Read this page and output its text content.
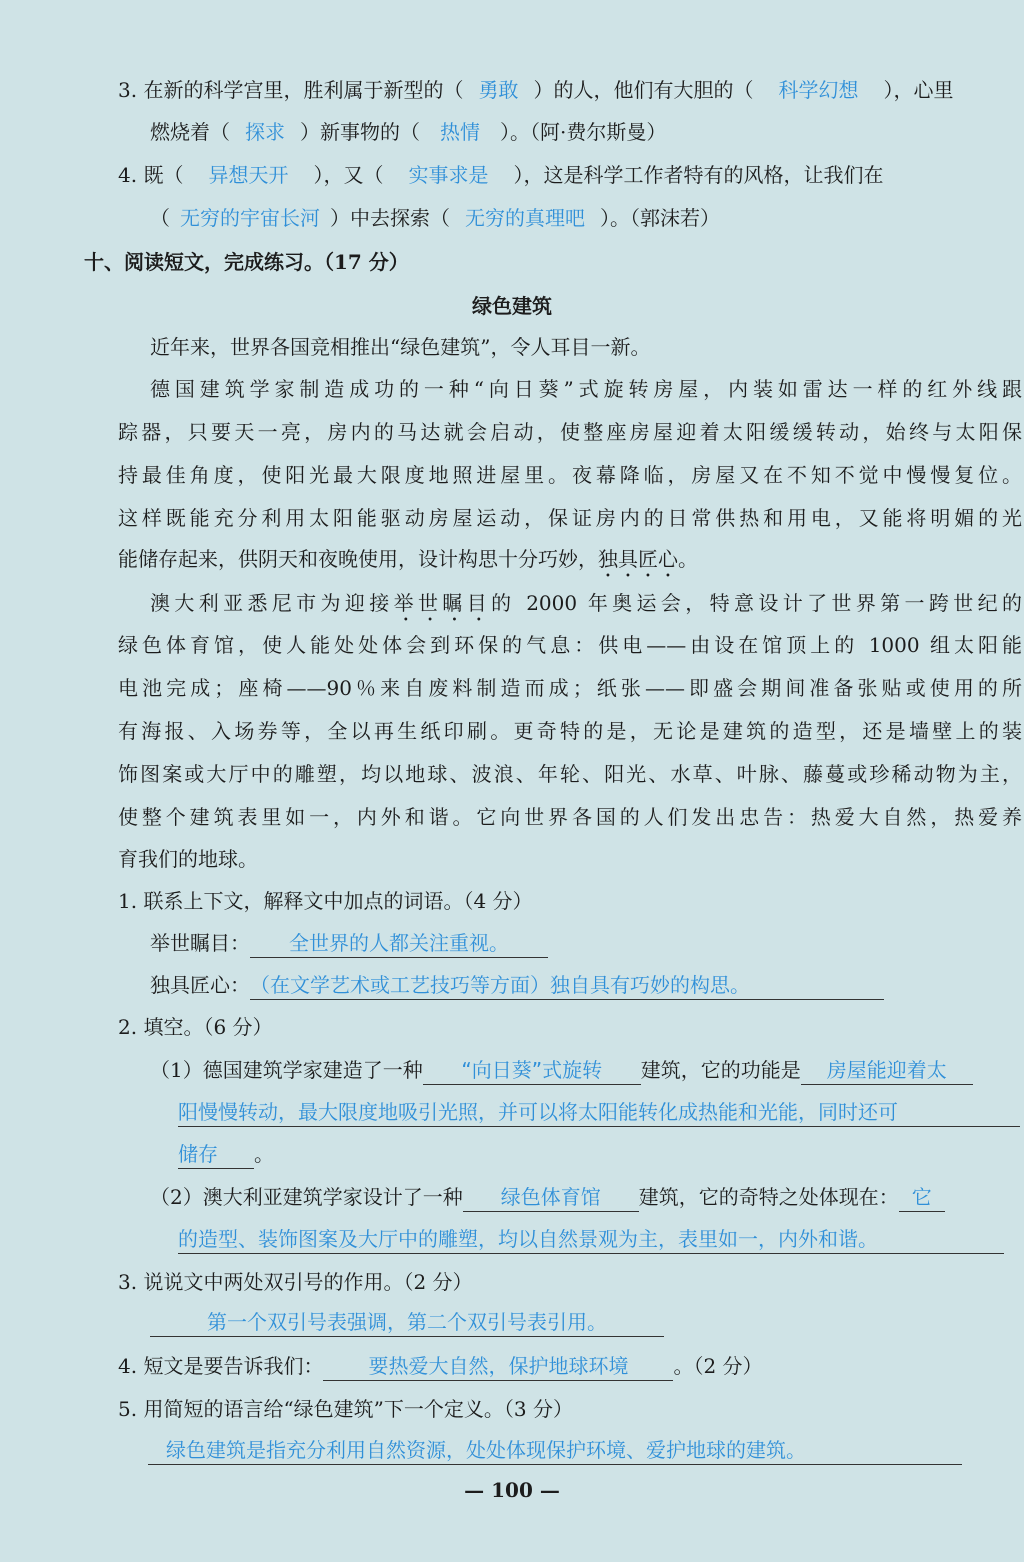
3. 在新的科学宫里，胜利属于新型的（ 勇敢 ）的人，他们有大胆的（ 科学幻想 ），心里
燃烧着（ 探求 ）新事物的（ 热情 ）。（阿·费尔斯曼）
4. 既（ 异想天开 ），又（ 实事求是 ），这是科学工作者特有的风格，让我们在
（ 无穷的宇宙长河 ）中去探索（ 无穷的真理吧 ）。（郭沫若）
十、阅读短文，完成练习。（17 分）
绿色建筑
近年来，世界各国竞相推出“绿色建筑”，令人耳目一新。
德国建筑学家制造成功的一种“向日葵”式旋转房屋，内装如雷达一样的红外线跟
踪器，只要天一亮，房内的马达就会启动，使整座房屋迎着太阳缓缓转动，始终与太阳保
持最佳角度，使阳光最大限度地照进屋里。夜幕降临，房屋又在不知不觉中慢慢复位。
这样既能充分利用太阳能驱动房屋运动，保证房内的日常供热和用电，又能将明媚的光
能储存起来，供阴天和夜晚使用，设计构思十分巧妙，独具匠心。
澳大利亚悉尼市为迎接举世瞩目的 2000 年奥运会，特意设计了世界第一跨世纪的
绿色体育馆，使人能处处体会到环保的气息：供电——由设在馆顶上的 1000 组太阳能
电池完成；座椅——90％来自废料制造而成；纸张——即盛会期间准备张贴或使用的所
有海报、入场券等，全以再生纸印刷。更奇特的是，无论是建筑的造型，还是墙壁上的装
饰图案或大厅中的雕塑，均以地球、波浪、年轮、阳光、水草、叶脉、藤蔓或珍稀动物为主，
使整个建筑表里如一，内外和谐。它向世界各国的人们发出忠告：热爱大自然，热爱养
育我们的地球。
1. 联系上下文，解释文中加点的词语。（4 分）
举世瞩目： 全世界的人都关注重视。
独具匠心：（在文学艺术或工艺技巧等方面）独自具有巧妙的构思。
2. 填空。（6 分）
（1）德国建筑学家建造了一种 “向日葵”式旋转 建筑，它的功能是 房屋能迎着太
阳慢慢转动，最大限度地吸引光照，并可以将太阳能转化成热能和光能，同时还可
储存 。
（2）澳大利亚建筑学家设计了一种 绿色体育馆 建筑，它的奇特之处体现在： 它
的造型、装饰图案及大厅中的雕塑，均以自然景观为主，表里如一，内外和谐。
3. 说说文中两处双引号的作用。（2 分）
第一个双引号表强调，第二个双引号表引用。
4. 短文是要告诉我们： 要热爱大自然，保护地球环境 。（2 分）
5. 用简短的语言给“绿色建筑”下一个定义。（3 分）
绿色建筑是指充分利用自然资源，处处体现保护环境、爱护地球的建筑。
— 100 —
